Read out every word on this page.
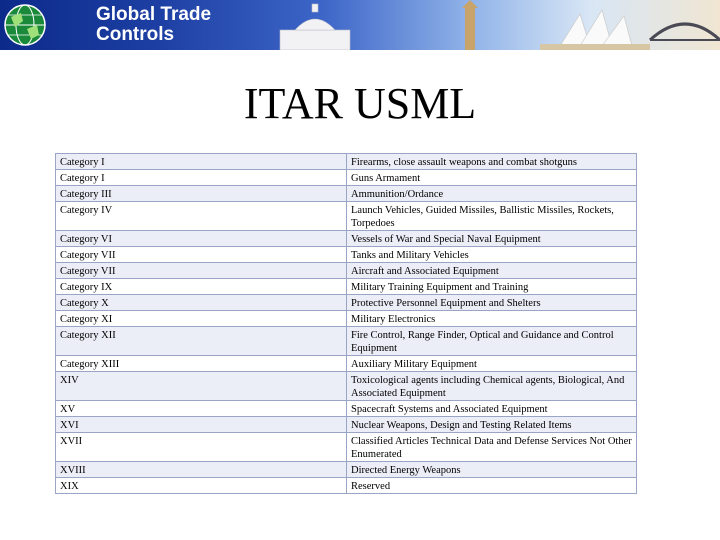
Global Trade
Controls
ITAR USML
Category I	Firearms, close assault weapons and combat shotguns
Category I	Guns Armament
Category III	Ammunition/Ordance
Category IV	Launch Vehicles, Guided Missiles, Ballistic Missiles, Rockets, Torpedoes
Category VI	Vessels of War and Special Naval Equipment
Category VII	Tanks and Military Vehicles
Category VII	Aircraft and Associated Equipment
Category IX	Military Training Equipment and Training
Category X	Protective Personnel Equipment and Shelters
Category XI	Military Electronics
Category XII	Fire Control, Range Finder, Optical and Guidance and Control Equipment
Category XIII	Auxiliary Military Equipment
XIV	Toxicological agents including Chemical agents, Biological, And Associated Equipment
XV	Spacecraft Systems and Associated Equipment
XVI	Nuclear Weapons, Design and Testing Related Items
XVII	Classified Articles Technical Data and Defense Services Not Other Enumerated
XVIII	Directed Energy Weapons
XIX	Reserved
